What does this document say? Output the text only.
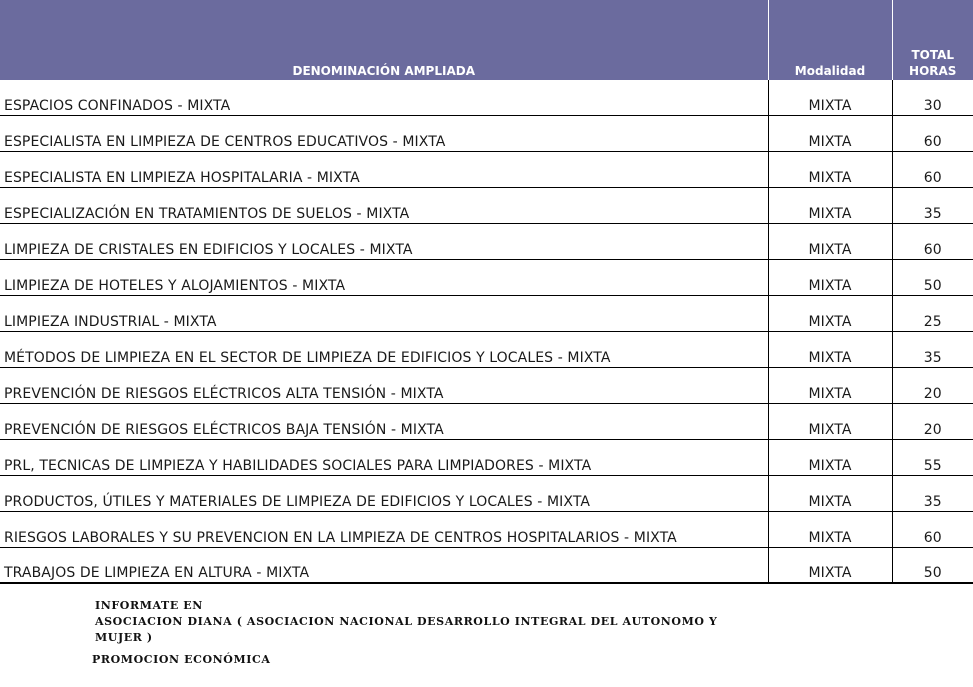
DENOMINACIÓN AMPLIADA	Modalidad	TOTAL
HORAS
ESPACIOS CONFINADOS - MIXTA	MIXTA	30
ESPECIALISTA EN LIMPIEZA DE CENTROS EDUCATIVOS - MIXTA	MIXTA	60
ESPECIALISTA EN LIMPIEZA HOSPITALARIA - MIXTA	MIXTA	60
ESPECIALIZACIÓN EN TRATAMIENTOS DE SUELOS - MIXTA	MIXTA	35
LIMPIEZA DE CRISTALES EN EDIFICIOS Y LOCALES - MIXTA	MIXTA	60
LIMPIEZA DE HOTELES Y ALOJAMIENTOS - MIXTA	MIXTA	50
LIMPIEZA INDUSTRIAL - MIXTA	MIXTA	25
MÉTODOS DE LIMPIEZA EN EL SECTOR DE LIMPIEZA DE EDIFICIOS Y LOCALES - MIXTA	MIXTA	35
PREVENCIÓN DE RIESGOS ELÉCTRICOS ALTA TENSIÓN - MIXTA	MIXTA	20
PREVENCIÓN DE RIESGOS ELÉCTRICOS BAJA TENSIÓN - MIXTA	MIXTA	20
PRL, TECNICAS DE LIMPIEZA Y HABILIDADES SOCIALES PARA LIMPIADORES - MIXTA	MIXTA	55
PRODUCTOS, ÚTILES Y MATERIALES DE LIMPIEZA DE EDIFICIOS Y LOCALES - MIXTA	MIXTA	35
RIESGOS LABORALES Y SU PREVENCION EN LA LIMPIEZA DE CENTROS HOSPITALARIOS - MIXTA	MIXTA	60
TRABAJOS DE LIMPIEZA EN ALTURA - MIXTA	MIXTA	50
INFORMATE EN
ASOCIACION DIANA ( ASOCIACION NACIONAL DESARROLLO INTEGRAL DEL AUTONOMO Y
MUJER )
PROMOCION ECONÓMICA
